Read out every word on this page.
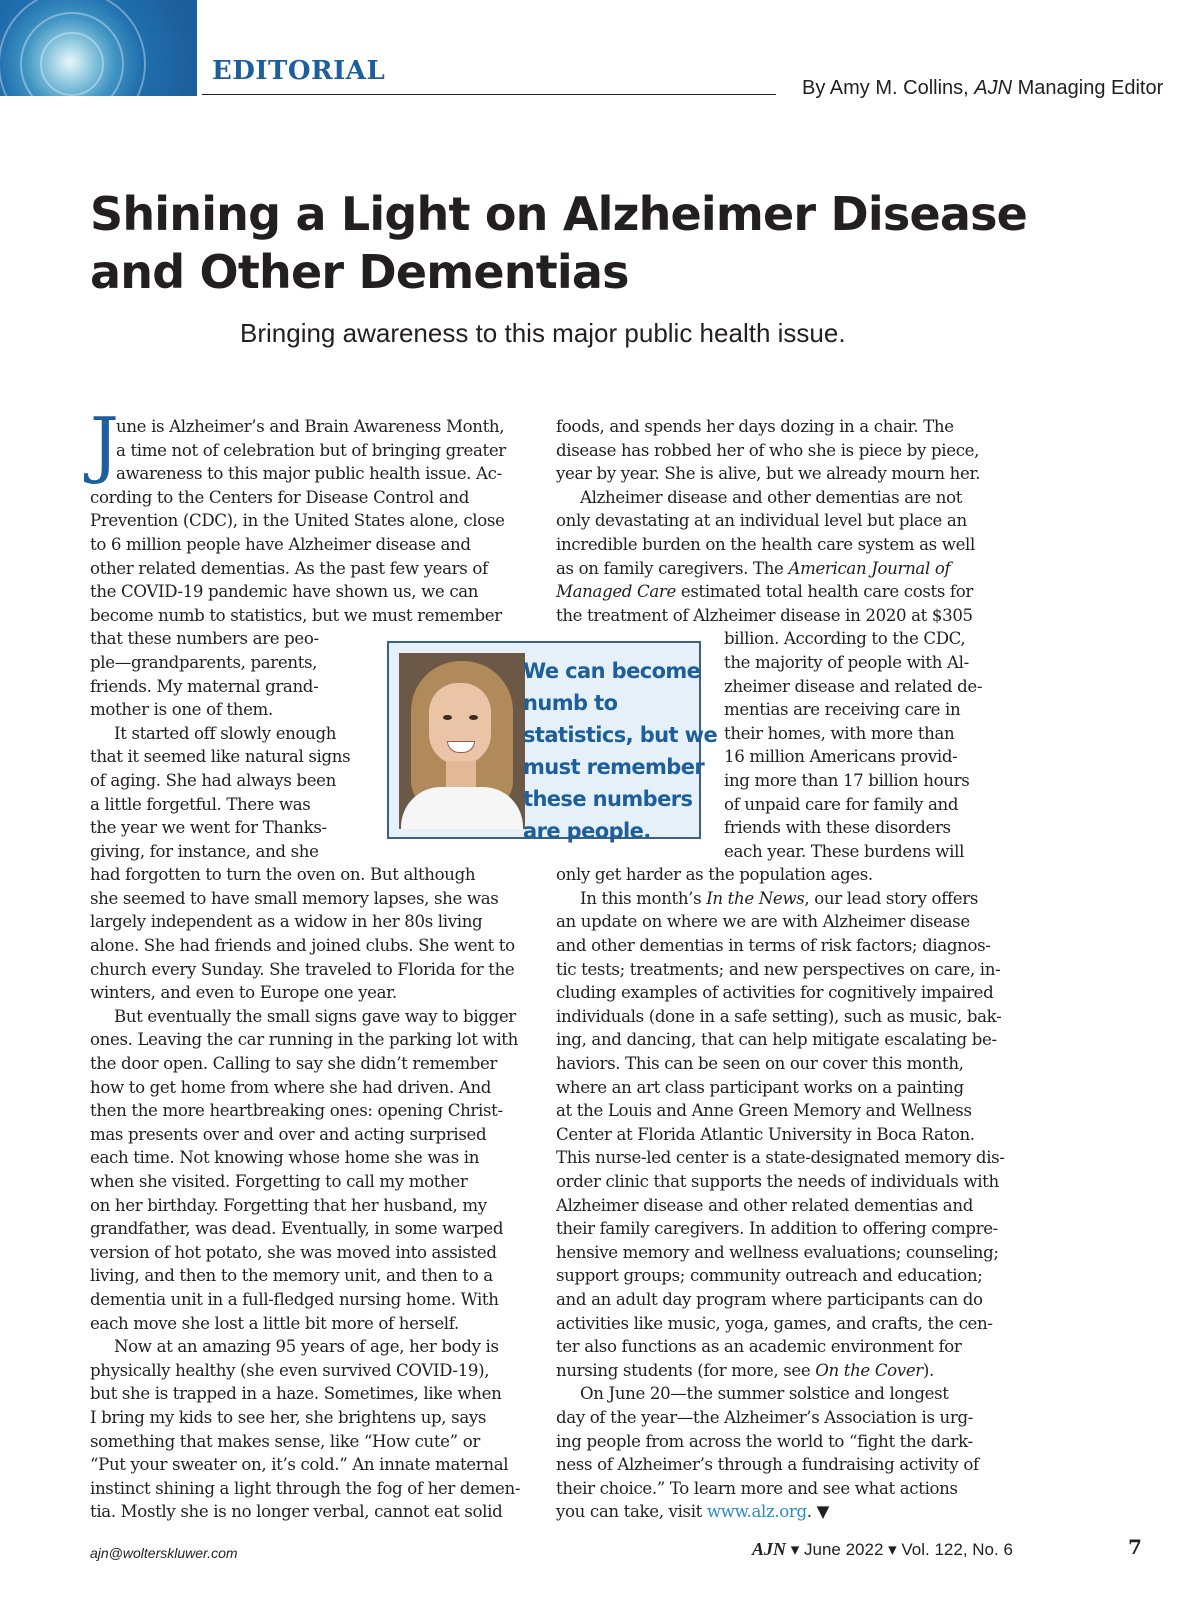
EDITORIAL

By Amy M. Collins, AJN Managing Editor

Shining a Light on Alzheimer Disease
and Other Dementias

Bringing awareness to this major public health issue.

J
une is Alzheimer’s and Brain Awareness Month,
a time not of celebration but of bringing greater
awareness to this major public health issue. Ac-
cording to the Centers for Disease Control and
Prevention (CDC), in the United States alone, close
to 6 million people have Alzheimer disease and
other related dementias. As the past few years of
the COVID-19 pandemic have shown us, we can
become numb to statistics, but we must remember
that these numbers are peo-
ple—grandparents, parents,
friends. My maternal grand-
mother is one of them.
It started off slowly enough
that it seemed like natural signs
of aging. She had always been
a little forgetful. There was
the year we went for Thanks-
giving, for instance, and she
had forgotten to turn the oven on. But although
she seemed to have small memory lapses, she was
largely independent as a widow in her 80s living
alone. She had friends and joined clubs. She went to
church every Sunday. She traveled to Florida for the
winters, and even to Europe one year.
But eventually the small signs gave way to bigger
ones. Leaving the car running in the parking lot with
the door open. Calling to say she didn’t remember
how to get home from where she had driven. And
then the more heartbreaking ones: opening Christ-
mas presents over and over and acting surprised
each time. Not knowing whose home she was in
when she visited. Forgetting to call my mother
on her birthday. Forgetting that her husband, my
grandfather, was dead. Eventually, in some warped
version of hot potato, she was moved into assisted
living, and then to the memory unit, and then to a
dementia unit in a full-fledged nursing home. With
each move she lost a little bit more of herself.
Now at an amazing 95 years of age, her body is
physically healthy (she even survived COVID-19),
but she is trapped in a haze. Sometimes, like when
I bring my kids to see her, she brightens up, says
something that makes sense, like “How cute” or
“Put your sweater on, it’s cold.” An innate maternal
instinct shining a light through the fog of her demen-
tia. Mostly she is no longer verbal, cannot eat solid
foods, and spends her days dozing in a chair. The
disease has robbed her of who she is piece by piece,
year by year. She is alive, but we already mourn her.
Alzheimer disease and other dementias are not
only devastating at an individual level but place an
incredible burden on the health care system as well
as on family caregivers. The American Journal of
Managed Care estimated total health care costs for
the treatment of Alzheimer disease in 2020 at $305
billion. According to the CDC,
the majority of people with Al-
zheimer disease and related de-
mentias are receiving care in
their homes, with more than
16 million Americans provid-
ing more than 17 billion hours
of unpaid care for family and
friends with these disorders
each year. These burdens will
only get harder as the population ages.
In this month’s In the News, our lead story offers
an update on where we are with Alzheimer disease
and other dementias in terms of risk factors; diagnos-
tic tests; treatments; and new perspectives on care, in-
cluding examples of activities for cognitively impaired
individuals (done in a safe setting), such as music, bak-
ing, and dancing, that can help mitigate escalating be-
haviors. This can be seen on our cover this month,
where an art class participant works on a painting
at the Louis and Anne Green Memory and Wellness
Center at Florida Atlantic University in Boca Raton.
This nurse-led center is a state-designated memory dis-
order clinic that supports the needs of individuals with
Alzheimer disease and other related dementias and
their family caregivers. In addition to offering compre-
hensive memory and wellness evaluations; counseling;
support groups; community outreach and education;
and an adult day program where participants can do
activities like music, yoga, games, and crafts, the cen-
ter also functions as an academic environment for
nursing students (for more, see On the Cover).
On June 20—the summer solstice and longest
day of the year—the Alzheimer’s Association is urg-
ing people from across the world to “fight the dark-
ness of Alzheimer’s through a fundraising activity of
their choice.” To learn more and see what actions
you can take, visit www.alz.org. ▼
We can become
numb to
statistics, but we
must remember
these numbers
are people.
ajn@wolterskluwer.com	AJN ▾ June 2022 ▾ Vol. 122, No. 6	7
